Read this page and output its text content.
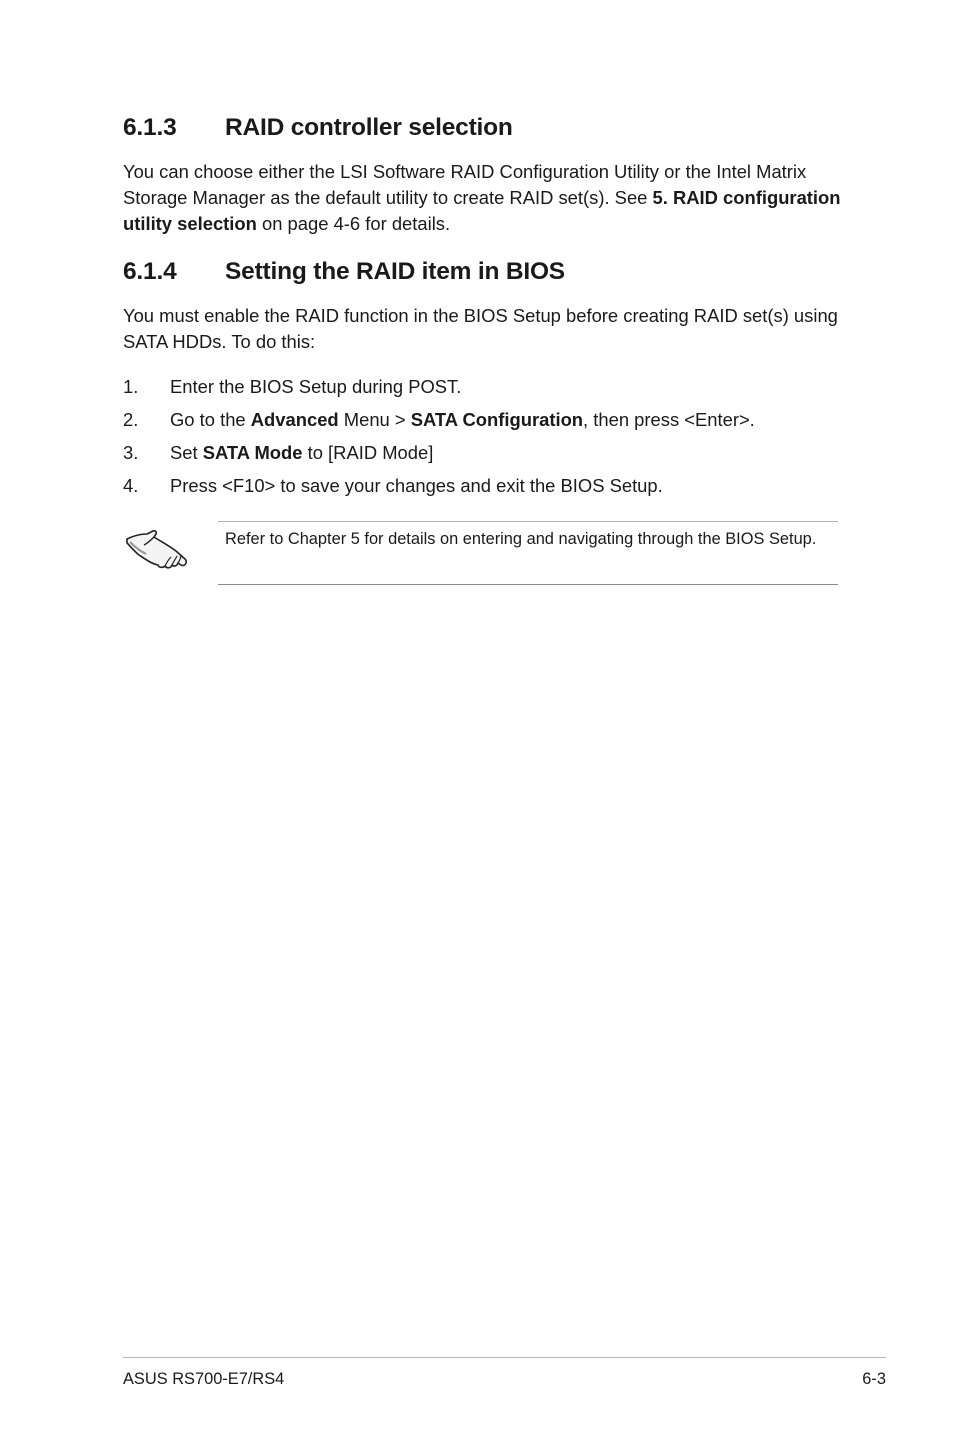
6.1.3 RAID controller selection

You can choose either the LSI Software RAID Configuration Utility or the Intel Matrix Storage Manager as the default utility to create RAID set(s). See 5. RAID configuration utility selection on page 4-6 for details.

6.1.4 Setting the RAID item in BIOS

You must enable the RAID function in the BIOS Setup before creating RAID set(s) using SATA HDDs. To do this:

1. Enter the BIOS Setup during POST.
2. Go to the Advanced Menu > SATA Configuration, then press <Enter>.
3. Set SATA Mode to [RAID Mode]
4. Press <F10> to save your changes and exit the BIOS Setup.
Refer to Chapter 5 for details on entering and navigating through the BIOS Setup.
ASUS RS700-E7/RS4	6-3
